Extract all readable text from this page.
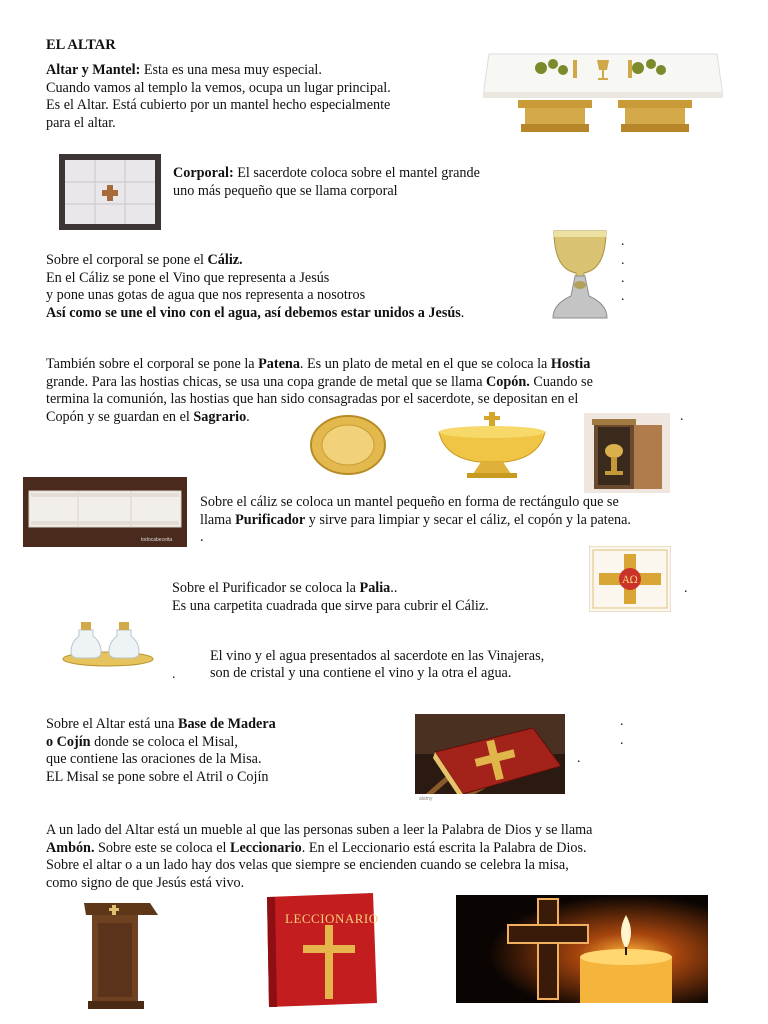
EL ALTAR
Altar y Mantel: Esta es una mesa muy especial.
Cuando vamos al templo la vemos, ocupa un lugar principal.
Es el Altar. Está cubierto por un mantel hecho especialmente
para el altar.
Corporal: El sacerdote coloca sobre el mantel grande
uno más pequeño que se llama corporal
Sobre el corporal se pone el Cáliz.
En el Cáliz se pone el Vino que representa a Jesús
y pone unas gotas de agua que nos representa a nosotros
Así como se une el vino con el agua, así debemos estar unidos a Jesús.
.
.
.
.
También sobre el corporal se pone la Patena. Es un plato de metal en el que se coloca la Hostia
grande. Para las hostias chicas, se usa una copa grande de metal que se llama Copón. Cuando se
termina la comunión, las hostias que han sido consagradas por el sacerdote, se depositan en el
Copón y se guardan en el Sagrario.	.
todocabeceita
Sobre el cáliz se coloca un mantel pequeño en forma de rectángulo que se
llama Purificador y sirve para limpiar y secar el cáliz, el copón y la patena.
.
AΩ
Sobre el Purificador se coloca la Palia..
Es una carpetita cuadrada que sirve para cubrir el Cáliz.
.
El vino y el agua presentados al sacerdote en las Vinajeras,
. son de cristal y una contiene el vino y la otra el agua.
Sobre el Altar está una Base de Madera
o Cojín donde se coloca el Misal,
que contiene las oraciones de la Misa.
EL Misal se pone sobre el Atril o Cojín
.
.
.
alamy
A un lado del Altar está un mueble al que las personas suben a leer la Palabra de Dios y se llama
Ambón. Sobre este se coloca el Leccionario. En el Leccionario está escrita la Palabra de Dios.
Sobre el altar o a un lado hay dos velas que siempre se encienden cuando se celebra la misa,
como signo de que Jesús está vivo.
LECCIONARIO
